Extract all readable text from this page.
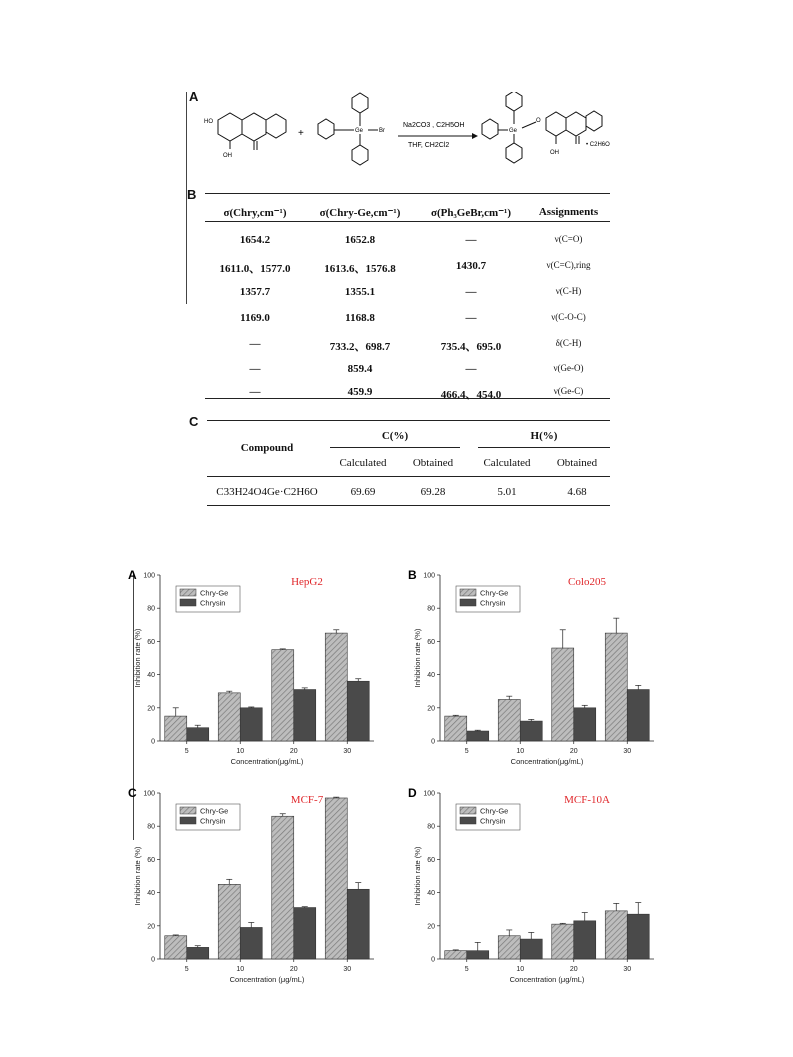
A
HO
OH
+	Ge	Br
Na2CO3 , C2H5OH
THF, CH2Cl2
Ge
O
OH
• C2H6O
B
σ(Chry,cm⁻¹)	σ(Chry-Ge,cm⁻¹)	σ(Ph₃GeBr,cm⁻¹)	Assignments
1654.2	1652.8	—	ν(C=O)
1611.0、1577.0	1613.6、1576.8	1430.7	ν(C=C),ring
1357.7	1355.1	—	ν(C-H)
1169.0	1168.8	—	ν(C-O-C)
—	733.2、698.7	735.4、695.0	δ(C-H)
—	859.4	—	ν(Ge-O)
—	459.9	466.4、454.0	ν(Ge-C)
C
Compound
C(%)	H(%)
Calculated	Obtained	Calculated	Obtained
C33H24O4Ge·C2H6O	69.69	69.28	5.01	4.68
A
0
20
40
60
80
100
5	10	20	30
Concentration(μg/mL)
Inhibition rate (%)
HepG2
Chry-Ge
Chrysin
B
0
20
40
60
80
100
5	10	20	30
Concentration(μg/mL)
Inhibition rate (%)
Colo205
Chry-Ge
Chrysin
C
0
20
40
60
80
100
5	10	20	30
Concentration (μg/mL)
Inhibition rate (%)
MCF-7
Chry-Ge
Chrysin
D
0
20
40
60
80
100
5	10	20	30
Concentration (μg/mL)
Inhibition rate (%)
MCF-10A
Chry-Ge
Chrysin
